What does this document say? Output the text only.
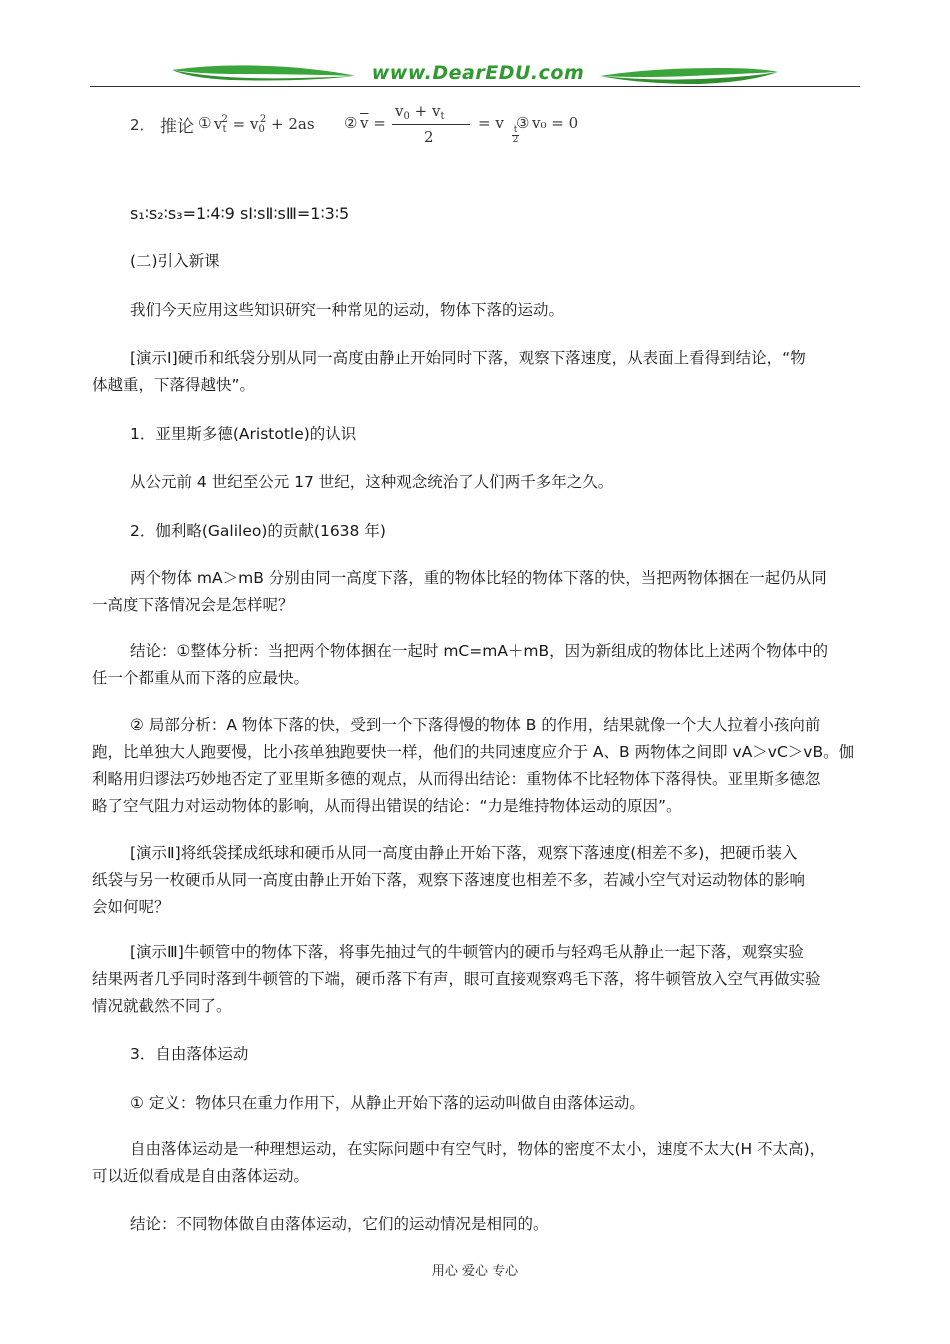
www.DearEDU.com
2． 推论 ① $v_t^2 = v_0^2 + 2as$ ② $\overline{v}$ =
$v_0 + v_t$
2
= v t

2
③ v₀ = 0
s₁∶s₂∶s₃=1∶4∶9 sⅠ∶sⅡ∶sⅢ=1∶3∶5
(二)引入新课
我们今天应用这些知识研究一种常见的运动，物体下落的运动。
[演示Ⅰ]硬币和纸袋分别从同一高度由静止开始同时下落，观察下落速度，从表面上看得到结论，“物
体越重，下落得越快”。
1．亚里斯多德(Aristotle)的认识
从公元前 4 世纪至公元 17 世纪，这种观念统治了人们两千多年之久。
2．伽利略(Galileo)的贡献(1638 年)
两个物体 mA＞mB 分别由同一高度下落，重的物体比轻的物体下落的快，当把两物体捆在一起仍从同
一高度下落情况会是怎样呢？
结论：①整体分析：当把两个物体捆在一起时 mC=mA＋mB，因为新组成的物体比上述两个物体中的
任一个都重从而下落的应最快。
② 局部分析：A 物体下落的快，受到一个下落得慢的物体 B 的作用，结果就像一个大人拉着小孩向前
跑，比单独大人跑要慢，比小孩单独跑要快一样，他们的共同速度应介于 A、B 两物体之间即 vA＞vC＞vB。伽
利略用归谬法巧妙地否定了亚里斯多德的观点，从而得出结论：重物体不比轻物体下落得快。亚里斯多德忽
略了空气阻力对运动物体的影响，从而得出错误的结论：“力是维持物体运动的原因”。
[演示Ⅱ]将纸袋揉成纸球和硬币从同一高度由静止开始下落，观察下落速度(相差不多)，把硬币装入
纸袋与另一枚硬币从同一高度由静止开始下落，观察下落速度也相差不多，若减小空气对运动物体的影响
会如何呢？
[演示Ⅲ]牛顿管中的物体下落，将事先抽过气的牛顿管内的硬币与轻鸡毛从静止一起下落，观察实验
结果两者几乎同时落到牛顿管的下端，硬币落下有声，眼可直接观察鸡毛下落，将牛顿管放入空气再做实验
情况就截然不同了。
3．自由落体运动
① 定义：物体只在重力作用下，从静止开始下落的运动叫做自由落体运动。
自由落体运动是一种理想运动，在实际问题中有空气时，物体的密度不太小，速度不太大(H 不太高)，
可以近似看成是自由落体运动。
结论：不同物体做自由落体运动，它们的运动情况是相同的。
用心 爱心 专心
